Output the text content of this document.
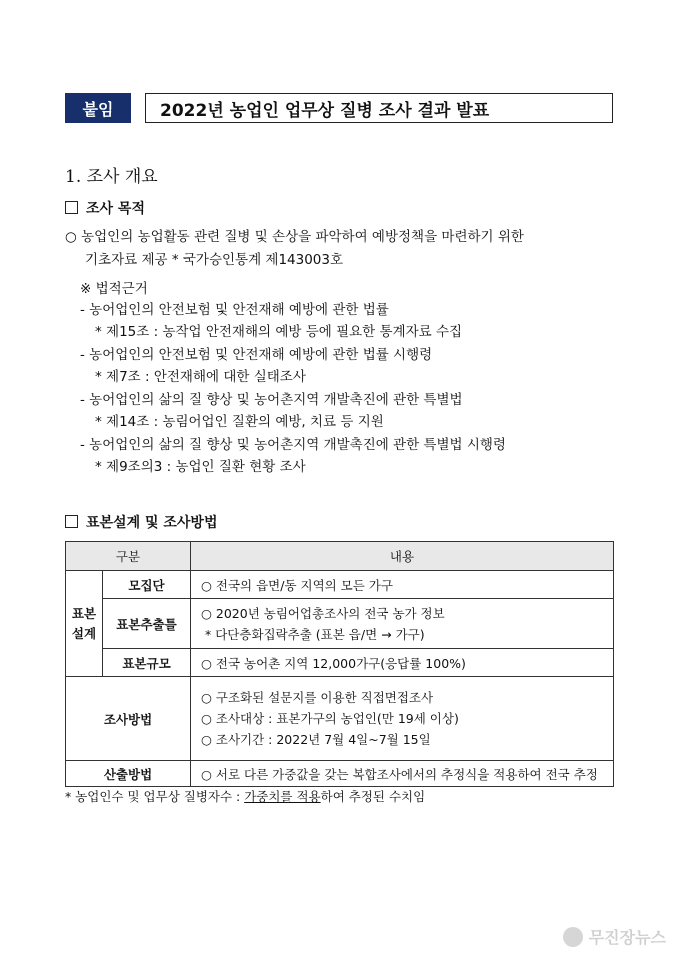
붙임	2022년 농업인 업무상 질병 조사 결과 발표
1. 조사 개요
조사 목적
○ 농업인의 농업활동 관련 질병 및 손상을 파악하여 예방정책을 마련하기 위한
기초자료 제공 * 국가승인통계 제143003호
※ 법적근거
- 농어업인의 안전보험 및 안전재해 예방에 관한 법률
* 제15조 : 농작업 안전재해의 예방 등에 필요한 통계자료 수집
- 농어업인의 안전보험 및 안전재해 예방에 관한 법률 시행령
* 제7조 : 안전재해에 대한 실태조사
- 농어업인의 삶의 질 향상 및 농어촌지역 개발촉진에 관한 특별법
* 제14조 : 농림어업인 질환의 예방, 치료 등 지원
- 농어업인의 삶의 질 향상 및 농어촌지역 개발촉진에 관한 특별법 시행령
* 제9조의3 : 농업인 질환 현황 조사
표본설계 및 조사방법
구분		내용
표본
설계	모집단	○ 전국의 읍면/동 지역의 모든 가구
	표본추출틀	○ 2020년 농림어업총조사의 전국 농가 정보
* 다단층화집락추출 (표본 읍/면 → 가구)

	표본규모	○ 전국 농어촌 지역 12,000가구(응답률 100%)
조사방법		○ 구조화된 설문지를 이용한 직접면접조사
○ 조사대상 : 표본가구의 농업인(만 19세 이상)
○ 조사기간 : 2022년 7월 4일~7월 15일

산출방법		○ 서로 다른 가중값을 갖는 복합조사에서의 추정식을 적용하여 전국 추정
* 농업인수 및 업무상 질병자수 : 가중치를 적용하여 추정된 수치임
무진장뉴스
